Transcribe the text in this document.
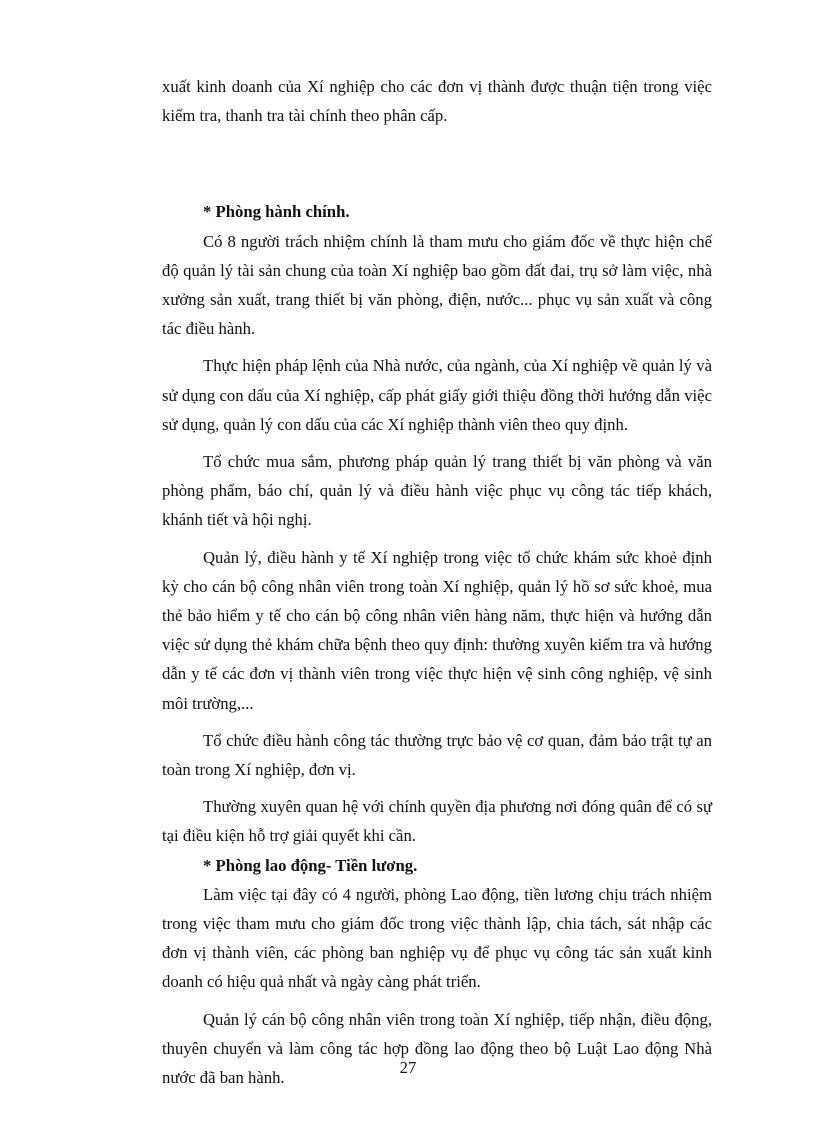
xuất kinh doanh của Xí nghiệp cho các đơn vị thành được thuận tiện trong việc kiểm tra, thanh tra tài chính theo phân cấp.

* Phòng hành chính.

Có 8 người trách nhiệm chính là tham mưu cho giám đốc về thực hiện chế độ quản lý tài sản chung của toàn Xí nghiệp bao gồm đất đai, trụ sở làm việc, nhà xưởng sản xuất, trang thiết bị văn phòng, điện, nước... phục vụ sản xuất và công tác điều hành.

Thực hiện pháp lệnh của Nhà nước, của ngành, của Xí nghiệp về quản lý và sử dụng con dấu của Xí nghiệp, cấp phát giấy giới thiệu đồng thời hướng dẫn việc sử dụng, quản lý con dấu của các Xí nghiệp thành viên theo quy định.

Tổ chức mua sắm, phương pháp quản lý trang thiết bị văn phòng và văn phòng phẩm, báo chí, quản lý và điều hành việc phục vụ công tác tiếp khách, khánh tiết và hội nghị.

Quản lý, điều hành y tế Xí nghiệp trong việc tổ chức khám sức khoẻ định kỳ cho cán bộ công nhân viên trong toàn Xí nghiệp, quản lý hồ sơ sức khoẻ, mua thẻ bảo hiểm y tế cho cán bộ công nhân viên hàng năm, thực hiện và hướng dẫn việc sử dụng thẻ khám chữa bệnh theo quy định: thường xuyên kiểm tra và hướng dẫn y tế các đơn vị thành viên trong việc thực hiện vệ sinh công nghiệp, vệ sinh môi trường,...

Tổ chức điều hành công tác thường trực bảo vệ cơ quan, đảm bảo trật tự an toàn trong Xí nghiệp, đơn vị.

Thường xuyên quan hệ với chính quyền địa phương nơi đóng quân để có sự tại điều kiện hỗ trợ giải quyết khi cần.

* Phòng lao động- Tiền lương.

Làm việc tại đây có 4 người, phòng Lao động, tiền lương chịu trách nhiệm trong việc tham mưu cho giám đốc trong việc thành lập, chia tách, sát nhập các đơn vị thành viên, các phòng ban nghiệp vụ để phục vụ công tác sản xuất kinh doanh có hiệu quả nhất và ngày càng phát triển.

Quản lý cán bộ công nhân viên trong toàn Xí nghiệp, tiếp nhận, điều động, thuyên chuyển và làm công tác hợp đồng lao động theo bộ Luật Lao động Nhà nước đã ban hành.

27
